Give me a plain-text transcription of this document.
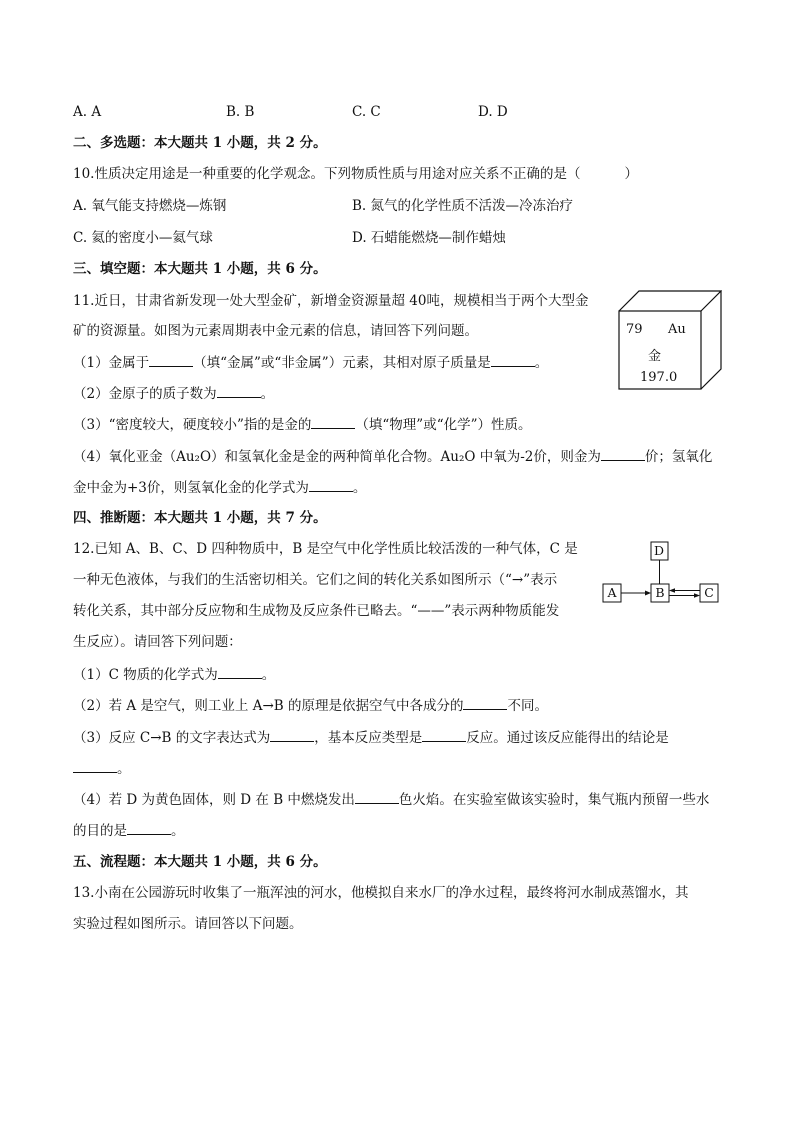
A. A	B. B	C. C	D. D
二、多选题：本大题共 1 小题，共 2 分。
10.性质决定用途是一种重要的化学观念。下列物质性质与用途对应关系不正确的是（	）
A. 氧气能支持燃烧—炼钢	B. 氮气的化学性质不活泼—冷冻治疗
C. 氦的密度小—氦气球	D. 石蜡能燃烧—制作蜡烛
三、填空题：本大题共 1 小题，共 6 分。
11.近日，甘肃省新发现一处大型金矿，新增金资源量超 40吨，规模相当于两个大型金
矿的资源量。如图为元素周期表中金元素的信息，请回答下列问题。
（1）金属于	（填“金属”或“非金属”）元素，其相对原子质量是	。
（2）金原子的质子数为	。
（3）“密度较大，硬度较小”指的是金的	（填“物理”或“化学”）性质。
（4）氧化亚金（Au₂O）和氢氧化金是金的两种简单化合物。Au₂O 中氧为-2价，则金为	价；氢氧化
金中金为+3价，则氢氧化金的化学式为	。
79 Au
金
197.0
四、推断题：本大题共 1 小题，共 7 分。
12.已知 A、B、C、D 四种物质中，B 是空气中化学性质比较活泼的一种气体，C 是
一种无色液体，与我们的生活密切相关。它们之间的转化关系如图所示（“→”表示
转化关系，其中部分反应物和生成物及反应条件已略去。“——”表示两种物质能发
生反应）。请回答下列问题：
（1）C 物质的化学式为	。
（2）若 A 是空气，则工业上 A→B 的原理是依据空气中各成分的	不同。
（3）反应 C→B 的文字表达式为	，基本反应类型是	反应。通过该反应能得出的结论是
。
（4）若 D 为黄色固体，则 D 在 B 中燃烧发出	色火焰。在实验室做该实验时，集气瓶内预留一些水
的目的是	。
D
A	B	C
五、流程题：本大题共 1 小题，共 6 分。
13.小南在公园游玩时收集了一瓶浑浊的河水，他模拟自来水厂的净水过程，最终将河水制成蒸馏水，其
实验过程如图所示。请回答以下问题。
